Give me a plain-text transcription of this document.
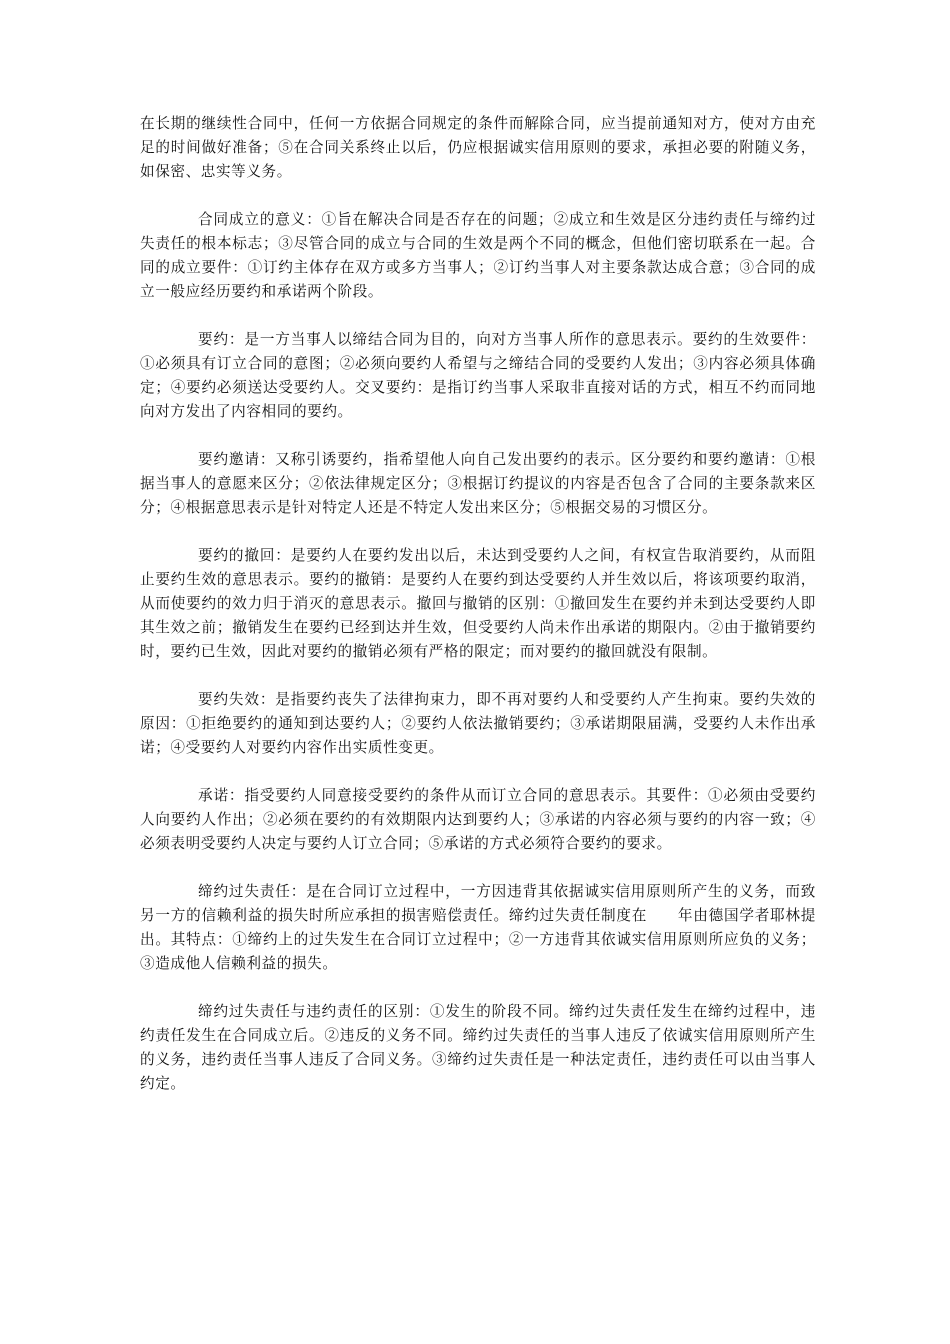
在长期的继续性合同中，任何一方依据合同规定的条件而解除合同，应当提前通知对方，使对方由充足的时间做好准备；⑤在合同关系终止以后，仍应根据诚实信用原则的要求，承担必要的附随义务，如保密、忠实等义务。

合同成立的意义：①旨在解决合同是否存在的问题；②成立和生效是区分违约责任与缔约过失责任的根本标志；③尽管合同的成立与合同的生效是两个不同的概念，但他们密切联系在一起。合同的成立要件：①订约主体存在双方或多方当事人；②订约当事人对主要条款达成合意；③合同的成立一般应经历要约和承诺两个阶段。

要约：是一方当事人以缔结合同为目的，向对方当事人所作的意思表示。要约的生效要件：①必须具有订立合同的意图；②必须向要约人希望与之缔结合同的受要约人发出；③内容必须具体确定；④要约必须送达受要约人。交叉要约：是指订约当事人采取非直接对话的方式，相互不约而同地向对方发出了内容相同的要约。

要约邀请：又称引诱要约，指希望他人向自己发出要约的表示。区分要约和要约邀请：①根据当事人的意愿来区分；②依法律规定区分；③根据订约提议的内容是否包含了合同的主要条款来区分；④根据意思表示是针对特定人还是不特定人发出来区分；⑤根据交易的习惯区分。

要约的撤回：是要约人在要约发出以后，未达到受要约人之间，有权宣告取消要约，从而阻止要约生效的意思表示。要约的撤销：是要约人在要约到达受要约人并生效以后，将该项要约取消，从而使要约的效力归于消灭的意思表示。撤回与撤销的区别：①撤回发生在要约并未到达受要约人即其生效之前；撤销发生在要约已经到达并生效，但受要约人尚未作出承诺的期限内。②由于撤销要约时，要约已生效，因此对要约的撤销必须有严格的限定；而对要约的撤回就没有限制。

要约失效：是指要约丧失了法律拘束力，即不再对要约人和受要约人产生拘束。要约失效的原因：①拒绝要约的通知到达要约人；②要约人依法撤销要约；③承诺期限届满，受要约人未作出承诺；④受要约人对要约内容作出实质性变更。

承诺：指受要约人同意接受要约的条件从而订立合同的意思表示。其要件：①必须由受要约人向要约人作出；②必须在要约的有效期限内达到要约人；③承诺的内容必须与要约的内容一致；④必须表明受要约人决定与要约人订立合同；⑤承诺的方式必须符合要约的要求。

缔约过失责任：是在合同订立过程中，一方因违背其依据诚实信用原则所产生的义务，而致另一方的信赖利益的损失时所应承担的损害赔偿责任。缔约过失责任制度在　　年由德国学者耶林提出。其特点：①缔约上的过失发生在合同订立过程中；②一方违背其依诚实信用原则所应负的义务；③造成他人信赖利益的损失。

缔约过失责任与违约责任的区别：①发生的阶段不同。缔约过失责任发生在缔约过程中，违约责任发生在合同成立后。②违反的义务不同。缔约过失责任的当事人违反了依诚实信用原则所产生的义务，违约责任当事人违反了合同义务。③缔约过失责任是一种法定责任，违约责任可以由当事人约定。
